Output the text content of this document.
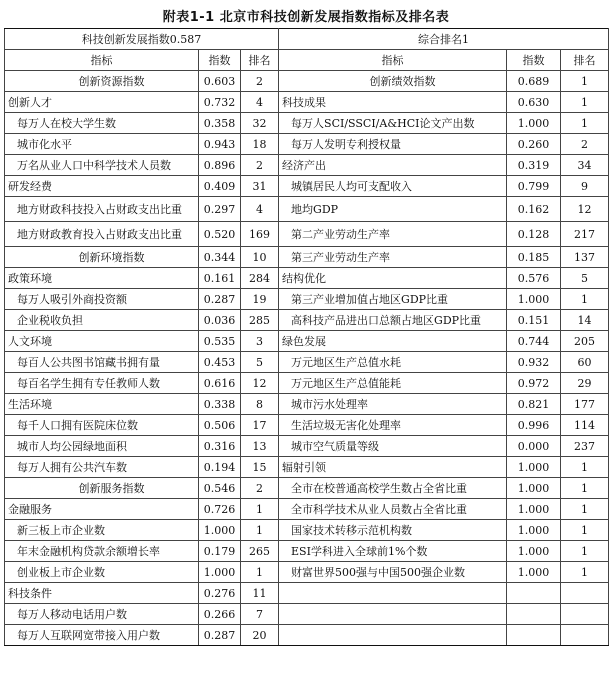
附表1-1 北京市科技创新发展指数指标及排名表
科技创新发展指数0.587			综合排名1		
指标	指数	排名	指标	指数	排名
创新资源指数	0.603	2	创新绩效指数	0.689	1
创新人才	0.732	4	科技成果	0.630	1
每万人在校大学生数	0.358	32	每万人SCI/SSCI/A&HCI论文产出数	1.000	1
城市化水平	0.943	18	每万人发明专利授权量	0.260	2
万名从业人口中科学技术人员数	0.896	2	经济产出	0.319	34
研发经费	0.409	31	城镇居民人均可支配收入	0.799	9
地方财政科技投入占财政支出比重	0.297	4	地均GDP	0.162	12
地方财政教育投入占财政支出比重	0.520	169	第二产业劳动生产率	0.128	217
创新环境指数	0.344	10	第三产业劳动生产率	0.185	137
政策环境	0.161	284	结构优化	0.576	5
每万人吸引外商投资额	0.287	19	第三产业增加值占地区GDP比重	1.000	1
企业税收负担	0.036	285	高科技产品进出口总额占地区GDP比重	0.151	14
人文环境	0.535	3	绿色发展	0.744	205
每百人公共图书馆藏书拥有量	0.453	5	万元地区生产总值水耗	0.932	60
每百名学生拥有专任教师人数	0.616	12	万元地区生产总值能耗	0.972	29
生活环境	0.338	8	城市污水处理率	0.821	177
每千人口拥有医院床位数	0.506	17	生活垃圾无害化处理率	0.996	114
城市人均公园绿地面积	0.316	13	城市空气质量等级	0.000	237
每万人拥有公共汽车数	0.194	15	辐射引领	1.000	1
创新服务指数	0.546	2	全市在校普通高校学生数占全省比重	1.000	1
金融服务	0.726	1	全市科学技术从业人员数占全省比重	1.000	1
新三板上市企业数	1.000	1	国家技术转移示范机构数	1.000	1
年末金融机构贷款余额增长率	0.179	265	ESI学科进入全球前1%个数	1.000	1
创业板上市企业数	1.000	1	财富世界500强与中国500强企业数	1.000	1
科技条件	0.276	11			
每万人移动电话用户数	0.266	7			
每万人互联网宽带接入用户数	0.287	20			
